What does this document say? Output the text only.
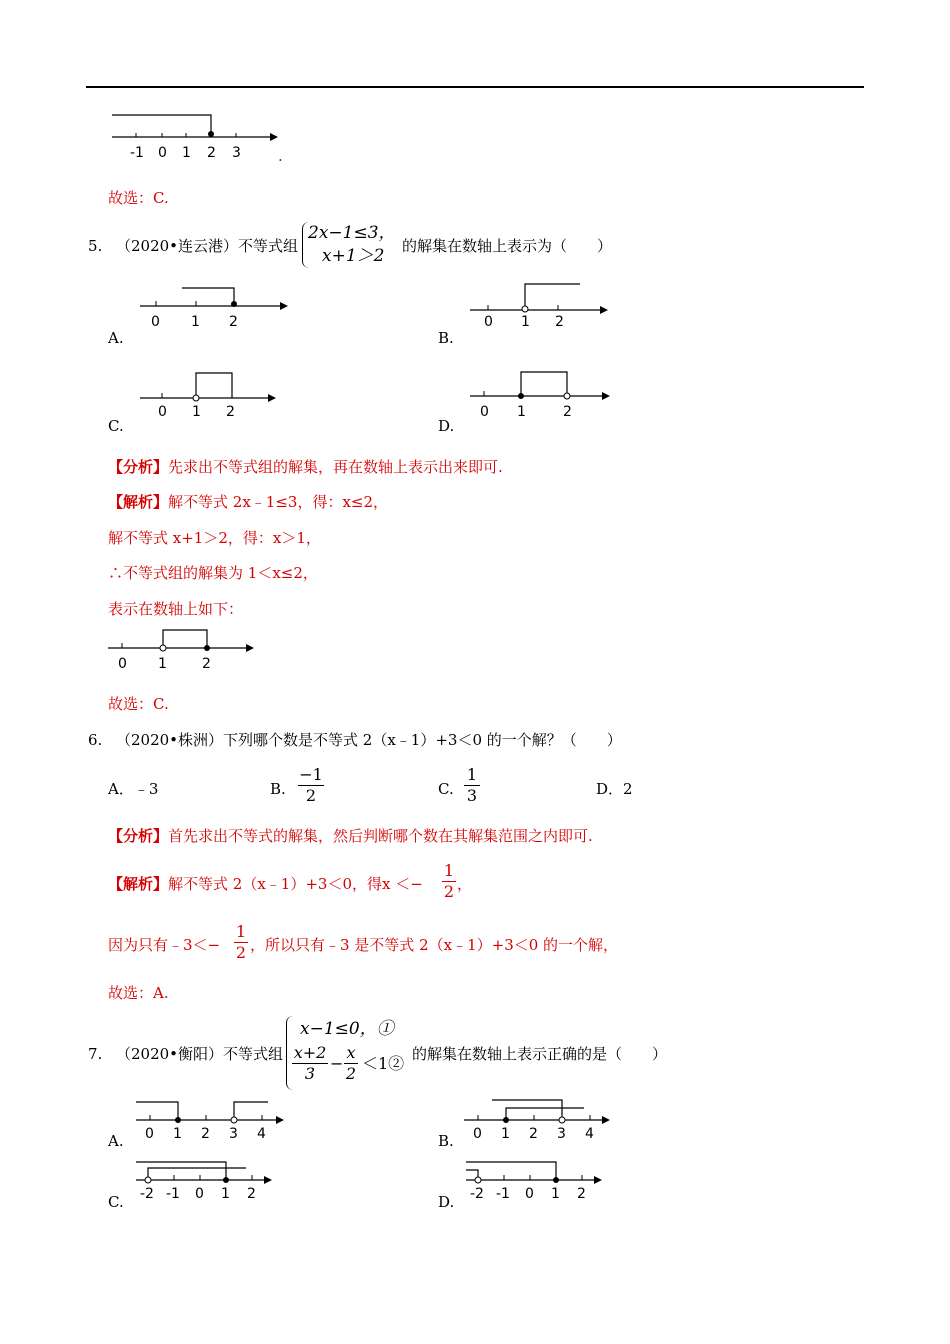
-1 0 1 2 3 .
故选：C.
5. （2020•连云港）不等式组
2x−1≤3，
x+1＞2 的解集在数轴上表示为（　　）
A.
0 1 2
B.
0 1 2
C.
0 1 2
D.
0 1	2
【分析】先求出不等式组的解集，再在数轴上表示出来即可.
【解析】解不等式 2x﹣1≤3，得：x≤2，
解不等式 x+1＞2，得：x＞1，
∴不等式组的解集为 1＜x≤2，
表示在数轴上如下：
0 1	2
故选：C.
6. （2020•株洲）下列哪个数是不等式 2（x﹣1）+3＜0 的一个解？（　　）
A．﹣3	B.
−1
2	C.
1
3	D．2
【分析】首先求出不等式的解集，然后判断哪个数在其解集范围之内即可.
【解析】解不等式 2（x﹣1）+3＜0，得x ＜−
1
2 ，
因为只有﹣3＜−
1
2 ，所以只有﹣3 是不等式 2（x﹣1）+3＜0 的一个解，
故选：A.
7. （2020•衡阳）不等式组
x−1≤0，①
x+2
3
−
x
2
＜1② 的解集在数轴上表示正确的是（　　）
A. 0 1 2 3 4	B. 0 1 2 3 4
C. -2 -1 0 1 2	D. -2 -1 0 1 2
